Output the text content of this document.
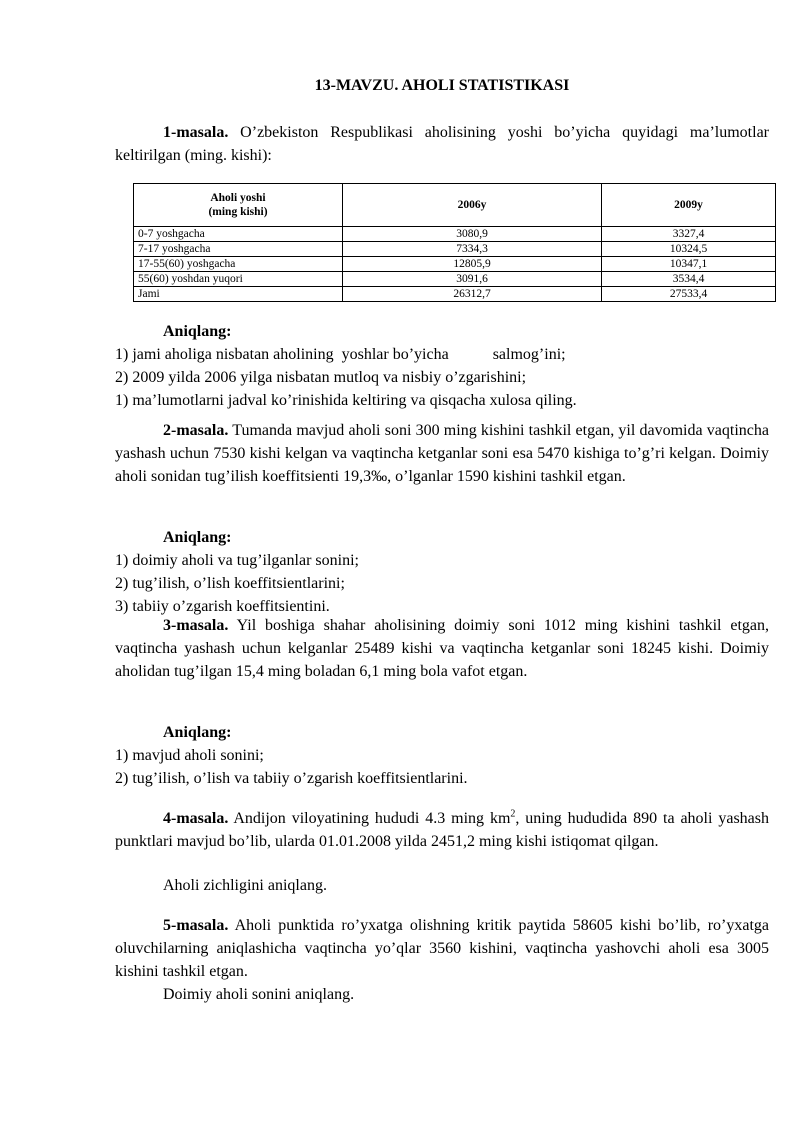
13-MAVZU. AHOLI STATISTIKASI

1-masala. O’zbekiston Respublikasi aholisining yoshi bo’yicha quyidagi ma’lumotlar keltirilgan (ming. kishi):

Aholi yoshi
(ming kishi)	2006y	2009y
0-7 yoshgacha	3080,9	3327,4
7-17 yoshgacha	7334,3	10324,5
17-55(60) yoshgacha	12805,9	10347,1
55(60) yoshdan yuqori	3091,6	3534,4
Jami	26312,7	27533,4

Aniqlang:

1) jami aholiga nisbatan aholining  yoshlar bo’yicha           salmog’ini;

2) 2009 yilda 2006 yilga nisbatan mutloq va nisbiy o’zgarishini;

1) ma’lumotlarni jadval ko’rinishida keltiring va qisqacha xulosa qiling.

2-masala. Tumanda mavjud aholi soni 300 ming kishini tashkil etgan, yil davomida vaqtincha yashash uchun 7530 kishi kelgan va vaqtincha ketganlar soni esa 5470 kishiga to’g’ri kelgan. Doimiy aholi sonidan tug’ilish koeffitsienti 19,3‰, o’lganlar 1590 kishini tashkil etgan.

Aniqlang:

1) doimiy aholi va tug’ilganlar sonini;

2) tug’ilish, o’lish koeffitsientlarini;

3) tabiiy o’zgarish koeffitsientini.

3-masala. Yil boshiga shahar aholisining doimiy soni 1012 ming kishini tashkil etgan, vaqtincha yashash uchun kelganlar 25489 kishi va vaqtincha ketganlar soni 18245 kishi. Doimiy aholidan tug’ilgan 15,4 ming boladan 6,1 ming bola vafot etgan.

Aniqlang:

1) mavjud aholi sonini;

2) tug’ilish, o’lish va tabiiy o’zgarish koeffitsientlarini.

4-masala. Andijon viloyatining hududi 4.3 ming $km^2$, uning hududida 890 ta aholi yashash punktlari mavjud bo’lib, ularda 01.01.2008 yilda 2451,2 ming kishi istiqomat qilgan.

Aholi zichligini aniqlang.

5-masala. Aholi punktida ro’yxatga olishning kritik paytida 58605 kishi bo’lib, ro’yxatga oluvchilarning aniqlashicha vaqtincha yo’qlar 3560 kishini, vaqtincha yashovchi aholi esa 3005 kishini tashkil etgan.

Doimiy aholi sonini aniqlang.
